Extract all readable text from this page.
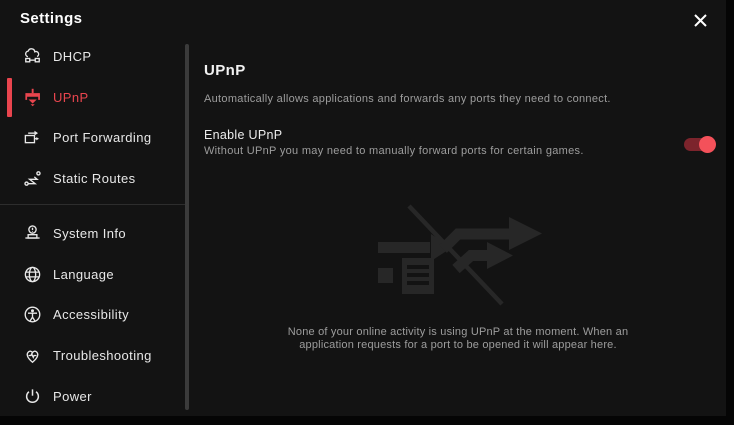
Settings
DHCP
UPnP
Port Forwarding
Static Routes
System Info
Language
Accessibility
Troubleshooting
Power
UPnP
Automatically allows applications and forwards any ports they need to connect.
Enable UPnP
Without UPnP you may need to manually forward ports for certain games.
None of your online activity is using UPnP at the moment. When an application requests for a port to be opened it will appear here.
